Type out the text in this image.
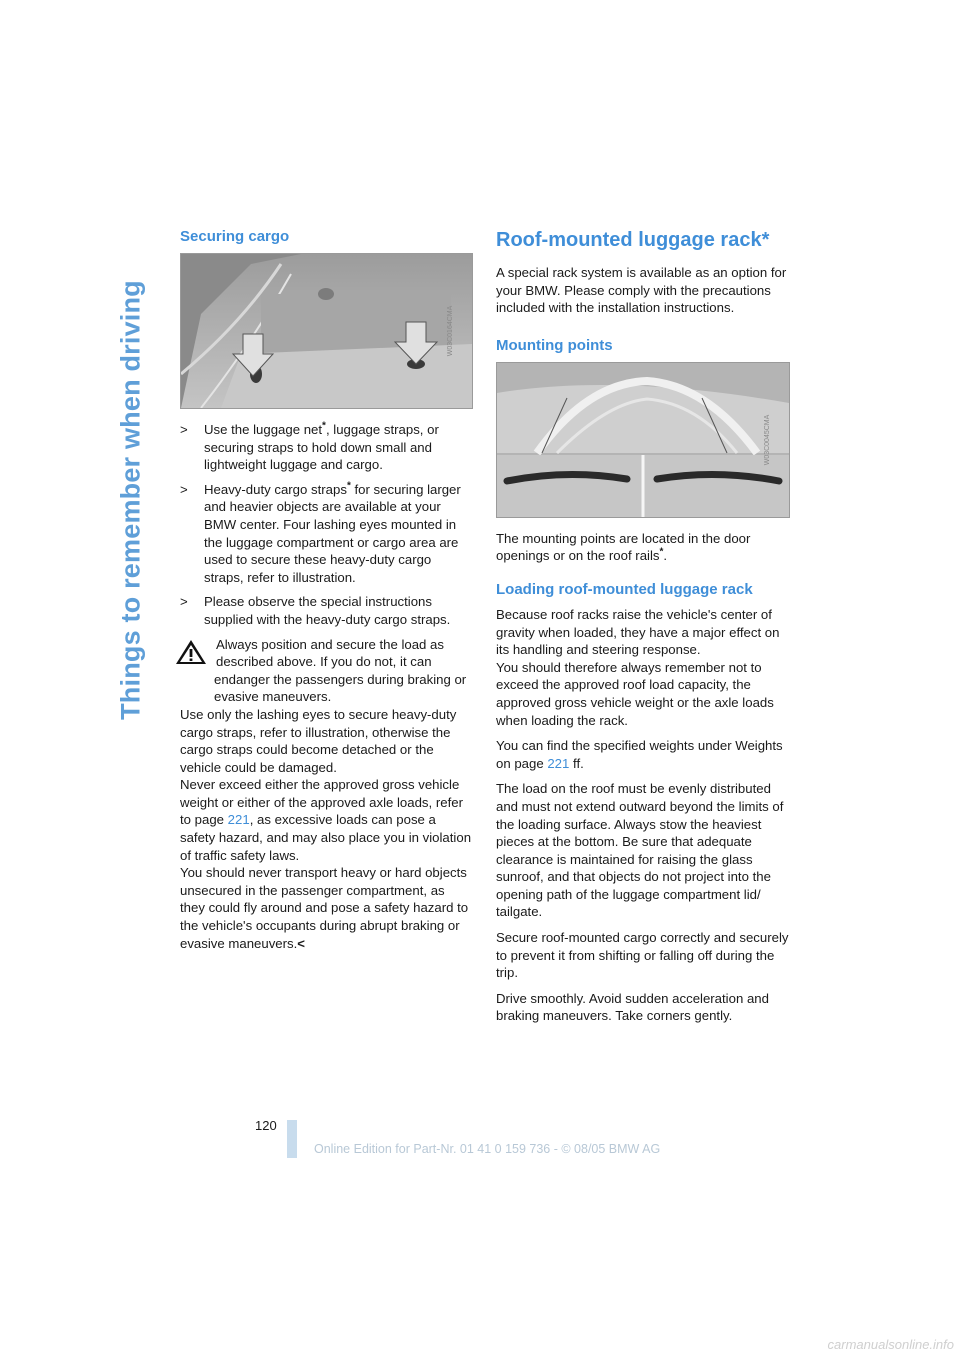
Things to remember when driving
Securing cargo
W03C0164CMA
> Use the luggage net*, luggage straps, or securing straps to hold down small and lightweight luggage and cargo.
> Heavy-duty cargo straps* for securing larger and heavier objects are available at your BMW center. Four lashing eyes mounted in the luggage compartment or cargo area are used to secure these heavy-duty cargo straps, refer to illustration.
> Please observe the special instructions supplied with the heavy-duty cargo straps.

Always position and secure the load as described above. If you do not, it can endanger the passengers during braking or evasive maneuvers.

Use only the lashing eyes to secure heavy-duty cargo straps, refer to illustration, otherwise the cargo straps could become detached or the vehicle could be damaged.

Never exceed either the approved gross vehicle weight or either of the approved axle loads, refer to page 221, as excessive loads can pose a safety hazard, and may also place you in violation of traffic safety laws.

You should never transport heavy or hard objects unsecured in the passenger compartment, as they could fly around and pose a safety hazard to the vehicle's occupants during abrupt braking or evasive maneuvers.<

Roof-mounted luggage rack*

A special rack system is available as an option for your BMW. Please comply with the precautions included with the installation instructions.

Mounting points
W03C0045CMA

The mounting points are located in the door openings or on the roof rails*.

Loading roof-mounted luggage rack

Because roof racks raise the vehicle's center of gravity when loaded, they have a major effect on its handling and steering response.

You should therefore always remember not to exceed the approved roof load capacity, the approved gross vehicle weight or the axle loads when loading the rack.

You can find the specified weights under Weights on page 221 ff.

The load on the roof must be evenly distributed and must not extend outward beyond the limits of the loading surface. Always stow the heaviest pieces at the bottom. Be sure that adequate clearance is maintained for raising the glass sunroof, and that objects do not project into the opening path of the luggage compartment lid/ tailgate.

Secure roof-mounted cargo correctly and securely to prevent it from shifting or falling off during the trip.

Drive smoothly. Avoid sudden acceleration and braking maneuvers. Take corners gently.

120
Online Edition for Part-Nr. 01 41 0 159 736 - © 08/05 BMW AG
carmanualsonline.info
